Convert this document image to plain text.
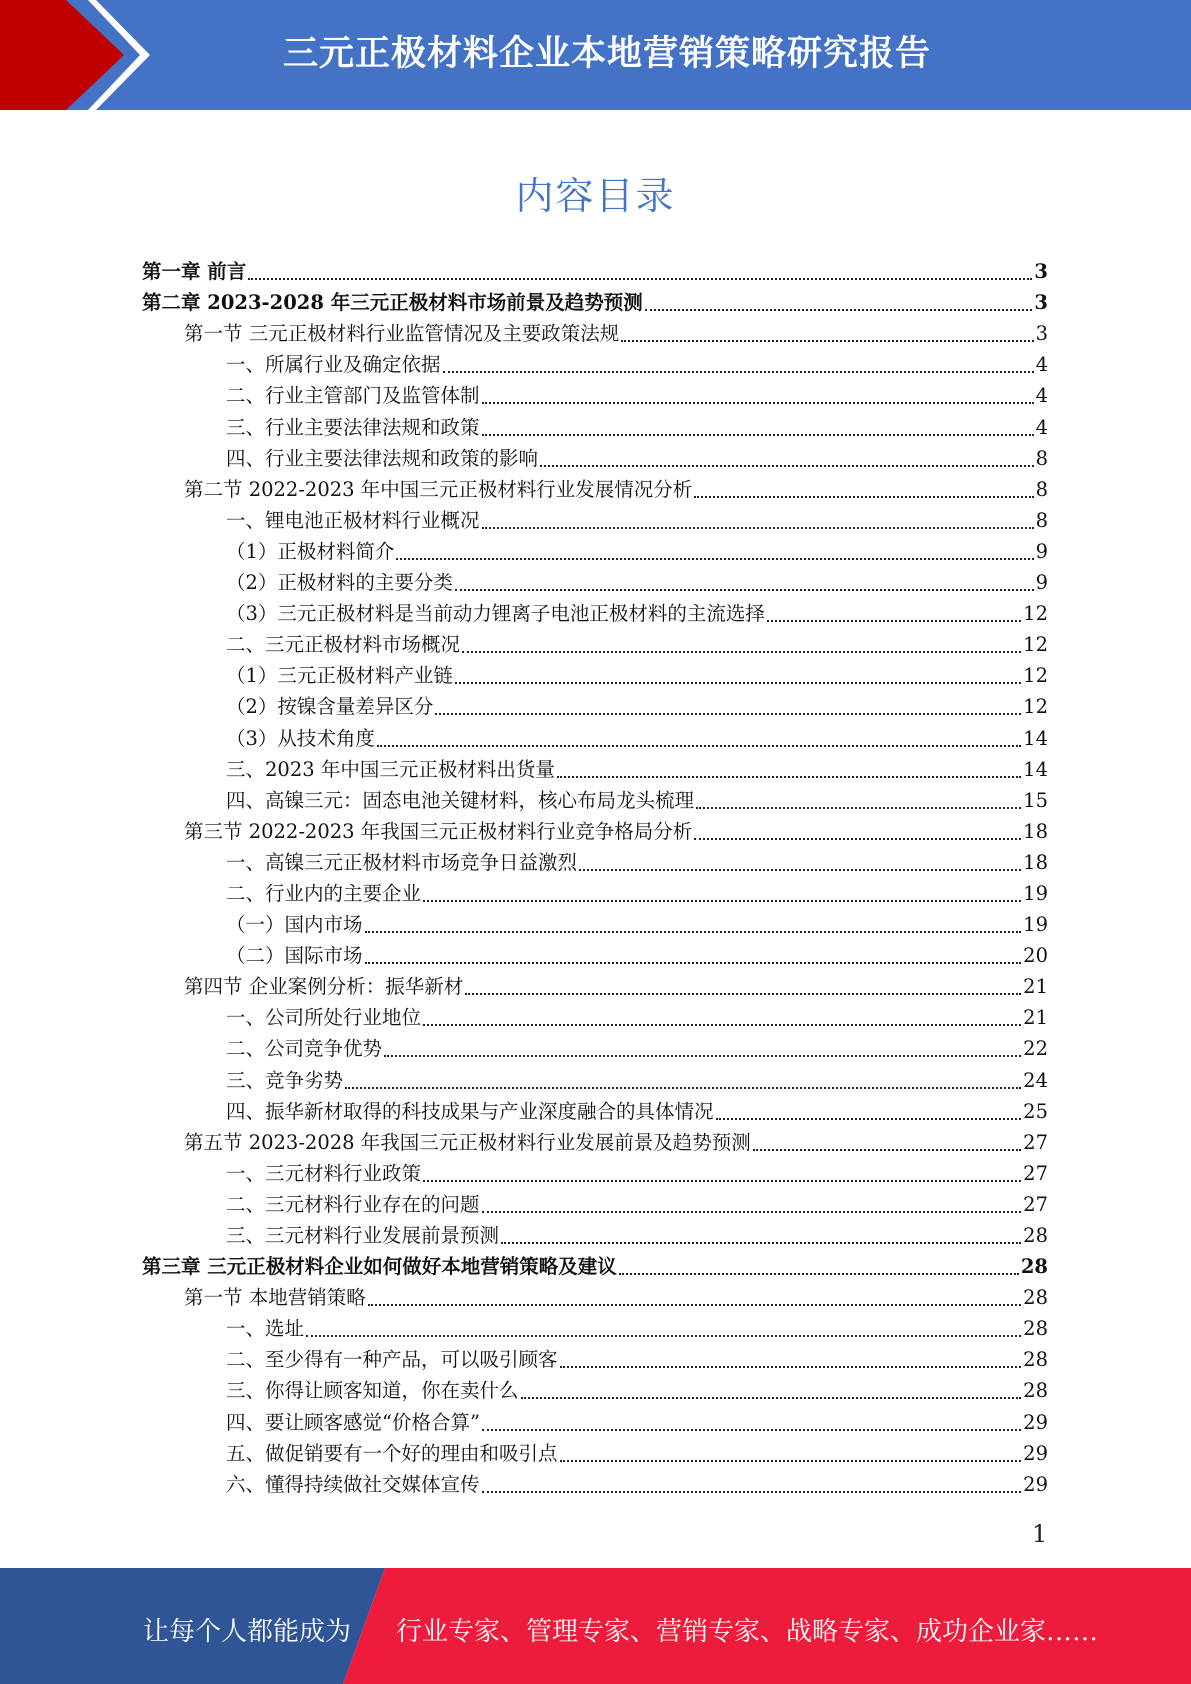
三元正极材料企业本地营销策略研究报告
内容目录
第一章 前言	3
第二章 2023-2028 年三元正极材料市场前景及趋势预测	3
第一节 三元正极材料行业监管情况及主要政策法规	3
一、所属行业及确定依据	4
二、行业主管部门及监管体制	4
三、行业主要法律法规和政策	4
四、行业主要法律法规和政策的影响	8
第二节 2022-2023 年中国三元正极材料行业发展情况分析	8
一、锂电池正极材料行业概况	8
（1）正极材料简介	9
（2）正极材料的主要分类	9
（3）三元正极材料是当前动力锂离子电池正极材料的主流选择	12
二、三元正极材料市场概况	12
（1）三元正极材料产业链	12
（2）按镍含量差异区分	12
（3）从技术角度	14
三、2023 年中国三元正极材料出货量	14
四、高镍三元：固态电池关键材料，核心布局龙头梳理	15
第三节 2022-2023 年我国三元正极材料行业竞争格局分析	18
一、高镍三元正极材料市场竞争日益激烈	18
二、行业内的主要企业	19
（一）国内市场	19
（二）国际市场	20
第四节 企业案例分析：振华新材	21
一、公司所处行业地位	21
二、公司竞争优势	22
三、竞争劣势	24
四、振华新材取得的科技成果与产业深度融合的具体情况	25
第五节 2023-2028 年我国三元正极材料行业发展前景及趋势预测	27
一、三元材料行业政策	27
二、三元材料行业存在的问题	27
三、三元材料行业发展前景预测	28
第三章 三元正极材料企业如何做好本地营销策略及建议	28
第一节 本地营销策略	28
一、选址	28
二、至少得有一种产品，可以吸引顾客	28
三、你得让顾客知道，你在卖什么	28
四、要让顾客感觉“价格合算”	29
五、做促销要有一个好的理由和吸引点	29
六、懂得持续做社交媒体宣传	29
1
让每个人都能成为 行业专家、管理专家、营销专家、战略专家、成功企业家……
